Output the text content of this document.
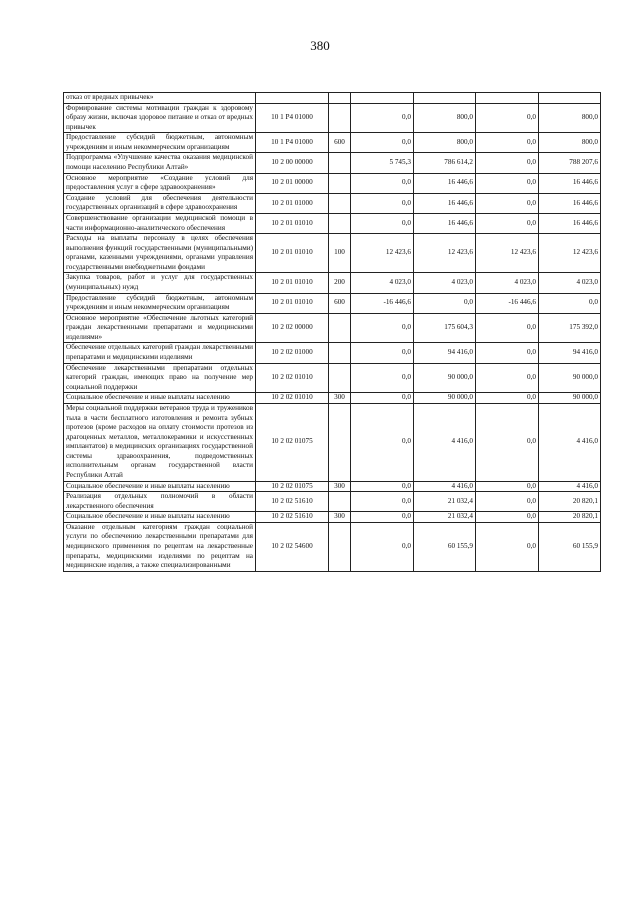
380
отказ от вредных привычек»						
Формирование системы мотивации граждан к здоровому образу жизни, включая здоровое питание и отказ от вредных привычек	10 1 P4 01000		0,0	800,0	0,0	800,0
Предоставление субсидий бюджетным, автономным учреждениям и иным некоммерческим организациям	10 1 P4 01000	600	0,0	800,0	0,0	800,0
Подпрограмма «Улучшение качества оказания медицинской помощи населению Республики Алтай»	10 2 00 00000		5 745,3	786 614,2	0,0	788 207,6
Основное мероприятие «Создание условий для предоставления услуг в сфере здравоохранения»	10 2 01 00000		0,0	16 446,6	0,0	16 446,6
Создание условий для обеспечения деятельности государственных организаций в сфере здравоохранения	10 2 01 01000		0,0	16 446,6	0,0	16 446,6
Совершенствование организации медицинской помощи в части информационно-аналитического обеспечения	10 2 01 01010		0,0	16 446,6	0,0	16 446,6
Расходы на выплаты персоналу в целях обеспечения выполнения функций государственными (муниципальными) органами, казенными учреждениями, органами управления государственными внебюджетными фондами	10 2 01 01010	100	12 423,6	12 423,6	12 423,6	12 423,6
Закупка товаров, работ и услуг для государственных (муниципальных) нужд	10 2 01 01010	200	4 023,0	4 023,0	4 023,0	4 023,0
Предоставление субсидий бюджетным, автономным учреждениям и иным некоммерческим организациям	10 2 01 01010	600	-16 446,6	0,0	-16 446,6	0,0
Основное мероприятие «Обеспечение льготных категорий граждан лекарственными препаратами и медицинскими изделиями»	10 2 02 00000		0,0	175 604,3	0,0	175 392,0
Обеспечение отдельных категорий граждан лекарственными препаратами и медицинскими изделиями	10 2 02 01000		0,0	94 416,0	0,0	94 416,0
Обеспечение лекарственными препаратами отдельных категорий граждан, имеющих право на получение мер социальной поддержки	10 2 02 01010		0,0	90 000,0	0,0	90 000,0
Социальное обеспечение и иные выплаты населению	10 2 02 01010	300	0,0	90 000,0	0,0	90 000,0
Меры социальной поддержки ветеранов труда и тружеников тыла в части бесплатного изготовления и ремонта зубных протезов (кроме расходов на оплату стоимости протезов из драгоценных металлов, металлокерамики и искусственных имплантатов) в медицинских организациях государственной системы здравоохранения, подведомственных исполнительным органам государственной власти Республики Алтай	10 2 02 01075		0,0	4 416,0	0,0	4 416,0
Социальное обеспечение и иные выплаты населению	10 2 02 01075	300	0,0	4 416,0	0,0	4 416,0
Реализация отдельных полномочий в области лекарственного обеспечения	10 2 02 51610		0,0	21 032,4	0,0	20 820,1
Социальное обеспечение и иные выплаты населению	10 2 02 51610	300	0,0	21 032,4	0,0	20 820,1
Оказание отдельным категориям граждан социальной услуги по обеспечению лекарственными препаратами для медицинского применения по рецептам на лекарственные препараты, медицинскими изделиями по рецептам на медицинские изделия, а также специализированными	10 2 02 54600		0,0	60 155,9	0,0	60 155,9
